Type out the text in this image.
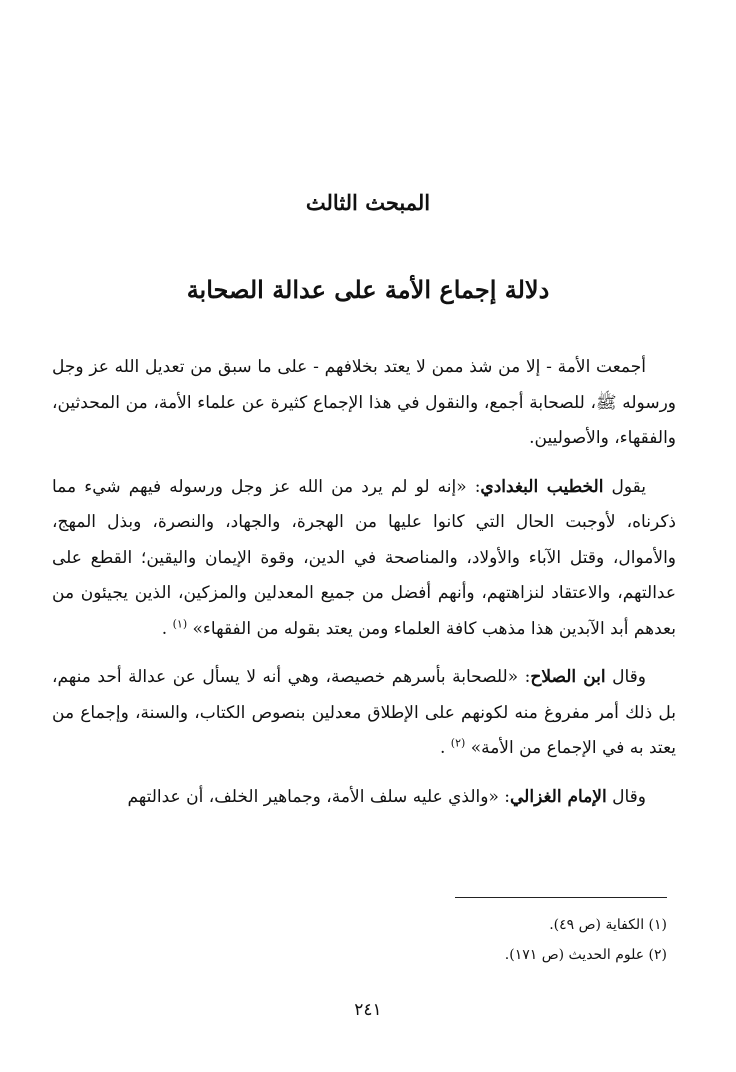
المبحث الثالث
دلالة إجماع الأمة على عدالة الصحابة

أجمعت الأمة - إلا من شذ ممن لا يعتد بخلافهم - على ما سبق من تعديل الله عز وجل ورسوله ﷺ، للصحابة أجمع، والنقول في هذا الإجماع كثيرة عن علماء الأمة، من المحدثين، والفقهاء، والأصوليين.

يقول الخطيب البغدادي: «إنه لو لم يرد من الله عز وجل ورسوله فيهم شيء مما ذكرناه، لأوجبت الحال التي كانوا عليها من الهجرة، والجهاد، والنصرة، وبذل المهج، والأموال، وقتل الآباء والأولاد، والمناصحة في الدين، وقوة الإيمان واليقين؛ القطع على عدالتهم، والاعتقاد لنزاهتهم، وأنهم أفضل من جميع المعدلين والمزكين، الذين يجيئون من بعدهم أبد الآبدين هذا مذهب كافة العلماء ومن يعتد بقوله من الفقهاء» $^{(١)}$ .

وقال ابن الصلاح: «للصحابة بأسرهم خصيصة، وهي أنه لا يسأل عن عدالة أحد منهم، بل ذلك أمر مفروغ منه لكونهم على الإطلاق معدلين بنصوص الكتاب، والسنة، وإجماع من يعتد به في الإجماع من الأمة» $^{(٢)}$ .

وقال الإمام الغزالي: «والذي عليه سلف الأمة، وجماهير الخلف، أن عدالتهم

(١) الكفاية (ص ٤٩).
(٢) علوم الحديث (ص ١٧١).
٢٤١
